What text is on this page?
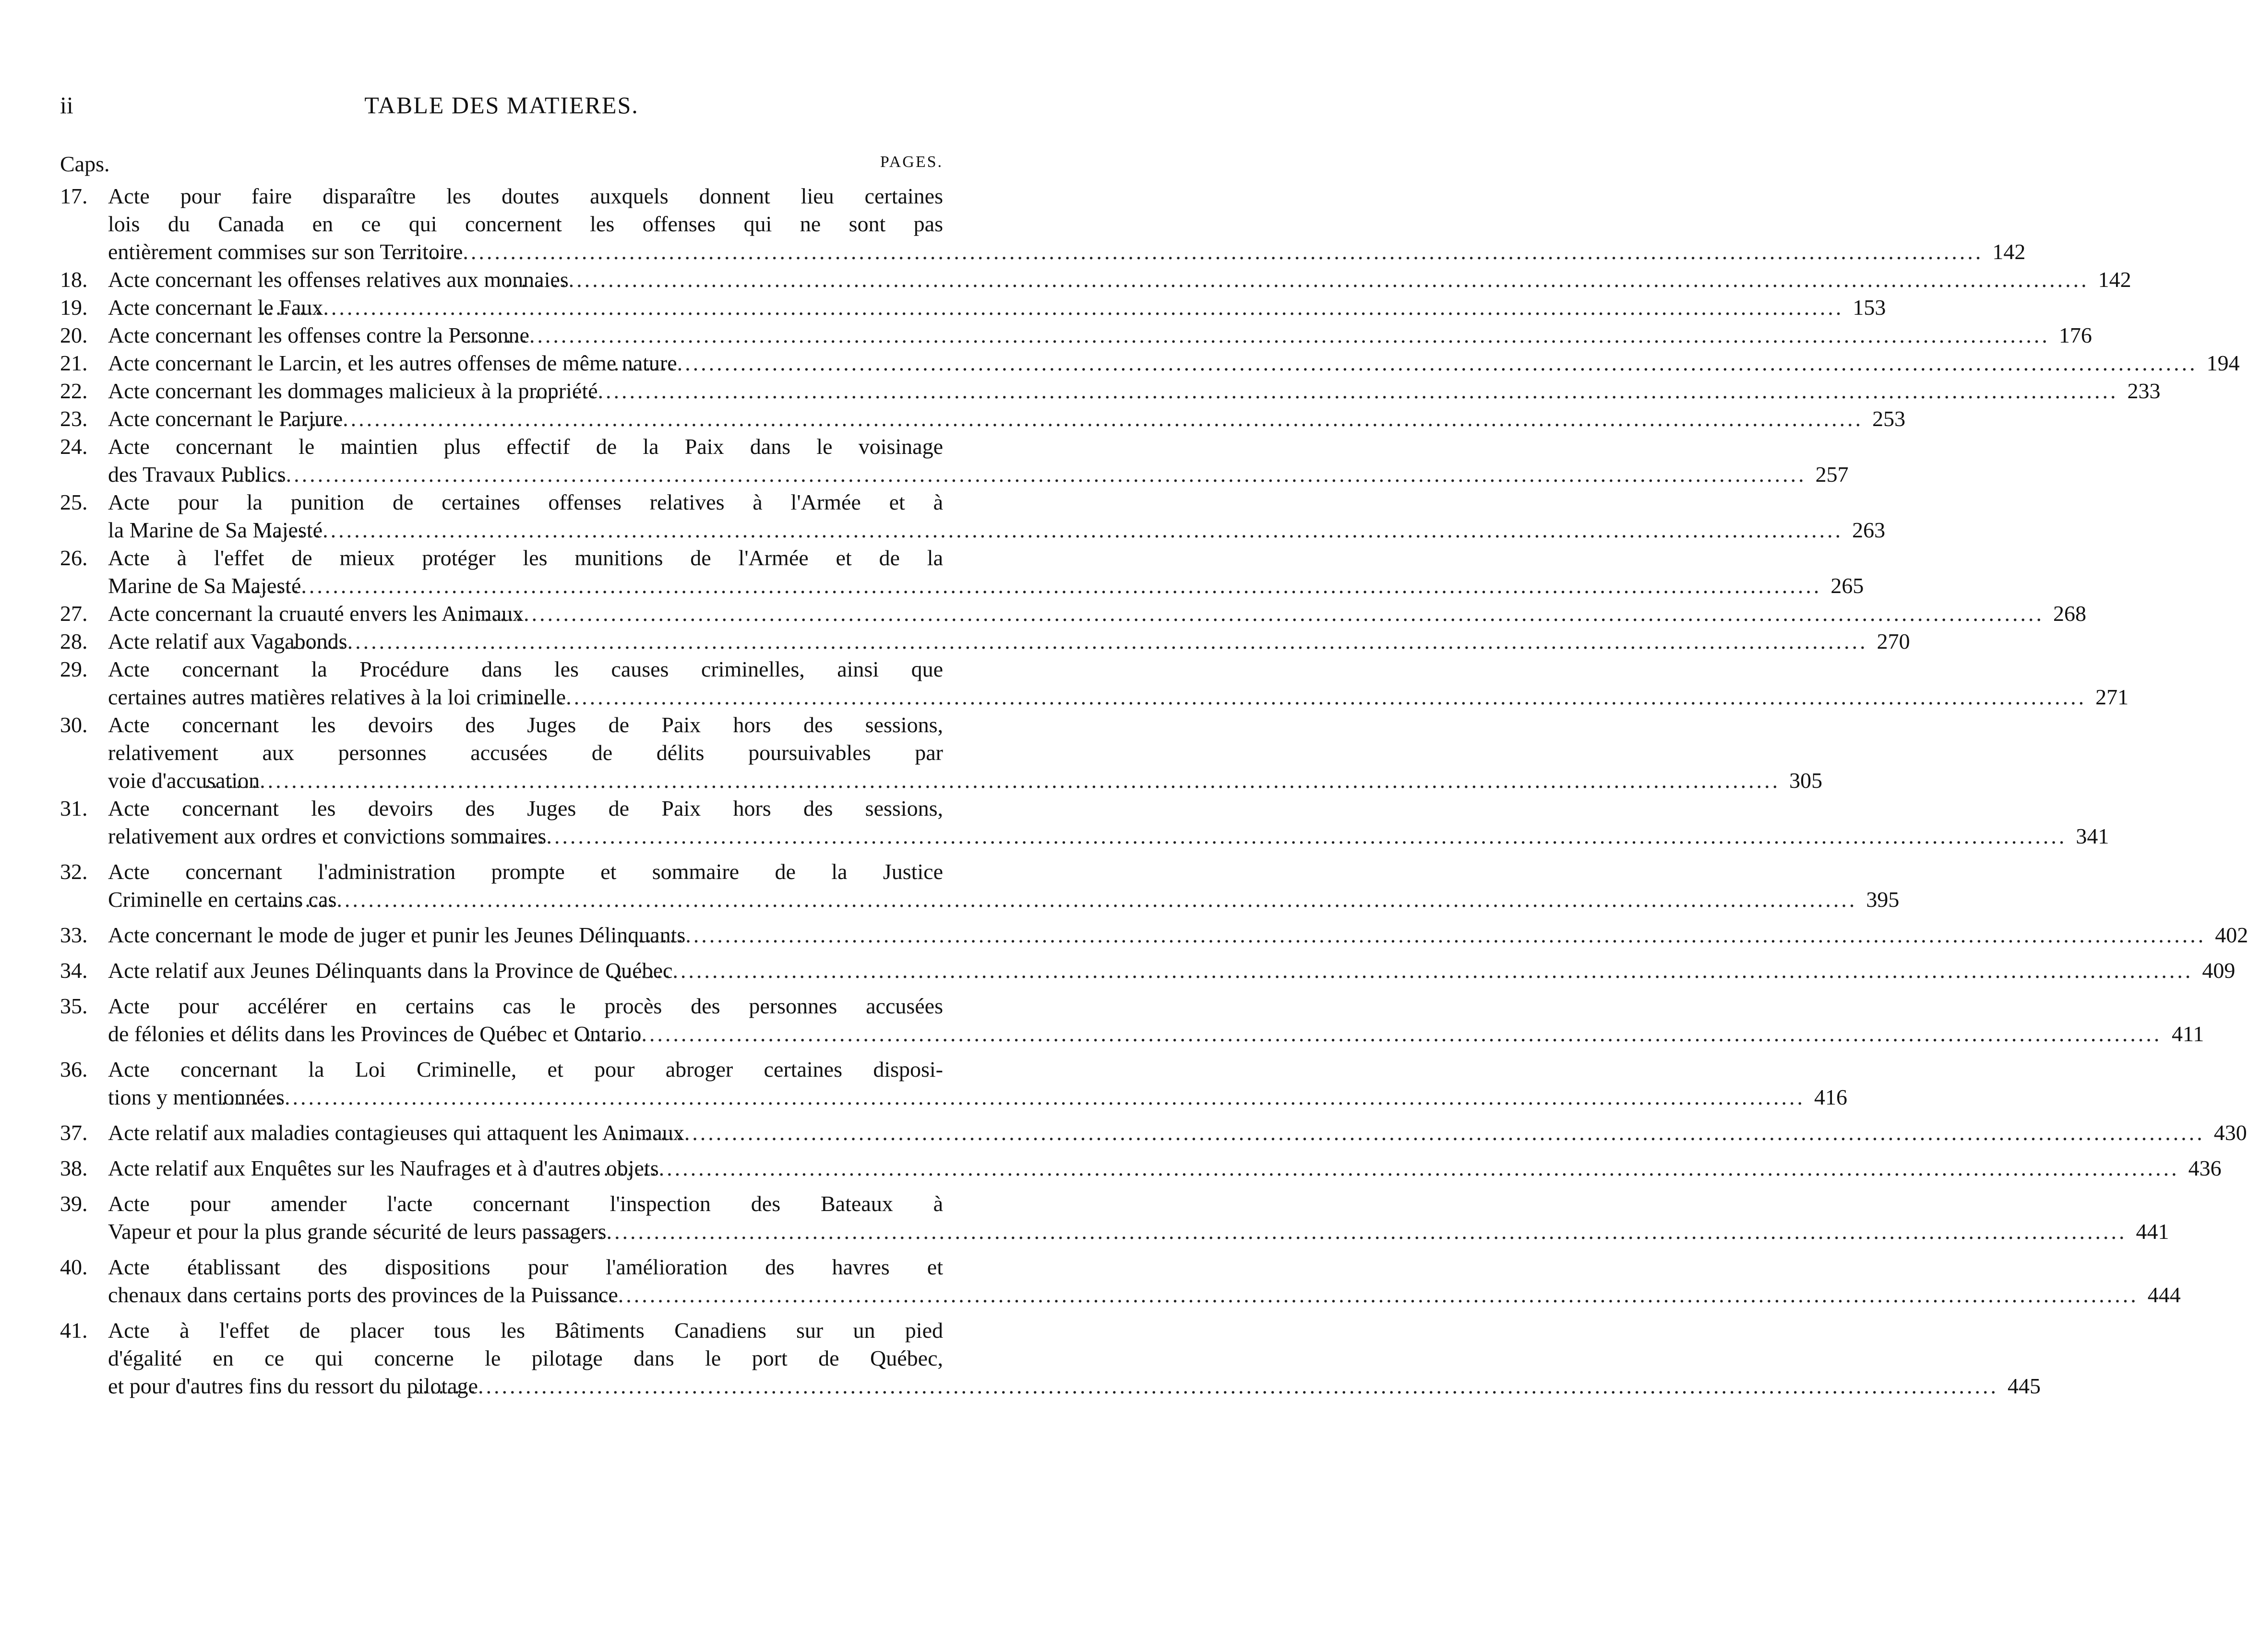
ii	TABLE DES MATIERES.
Caps.	PAGES.
17. Acte pour faire disparaître les doutes auxquels donnent lieu certaines
lois du Canada en ce qui concernent les offenses qui ne sont pas
entièrement commises sur son Territoire .....	142
18. Acte concernant les offenses relatives aux monnaies .....	142
19. Acte concernant le Faux .....	153
20. Acte concernant les offenses contre la Personne .....	176
21. Acte concernant le Larcin, et les autres offenses de même nature .....	194
22. Acte concernant les dommages malicieux à la propriété .....	233
23. Acte concernant le Parjure .....	253
24. Acte concernant le maintien plus effectif de la Paix dans le voisinage
des Travaux Publics .....	257
25. Acte pour la punition de certaines offenses relatives à l'Armée et à
la Marine de Sa Majesté .....	263
26. Acte à l'effet de mieux protéger les munitions de l'Armée et de la
Marine de Sa Majesté .....	265
27. Acte concernant la cruauté envers les Animaux .....	268
28. Acte relatif aux Vagabonds .....	270
29. Acte concernant la Procédure dans les causes criminelles, ainsi que
certaines autres matières relatives à la loi criminelle .....	271
30. Acte concernant les devoirs des Juges de Paix hors des sessions,
relativement aux personnes accusées de délits poursuivables par
voie d'accusation .....	305
31. Acte concernant les devoirs des Juges de Paix hors des sessions,
relativement aux ordres et convictions sommaires .....	341
32. Acte concernant l'administration prompte et sommaire de la Justice
Criminelle en certains cas .....	395
33. Acte concernant le mode de juger et punir les Jeunes Délinquants .....	402
34. Acte relatif aux Jeunes Délinquants dans la Province de Québec .....	409
35. Acte pour accélérer en certains cas le procès des personnes accusées
de félonies et délits dans les Provinces de Québec et Ontario .....	411
36. Acte concernant la Loi Criminelle, et pour abroger certaines disposi-
tions y mentionnées .....	416
37. Acte relatif aux maladies contagieuses qui attaquent les Animaux .....	430
38. Acte relatif aux Enquêtes sur les Naufrages et à d'autres objets .....	436
39. Acte pour amender l'acte concernant l'inspection des Bateaux à
Vapeur et pour la plus grande sécurité de leurs passagers .....	441
40. Acte établissant des dispositions pour l'amélioration des havres et
chenaux dans certains ports des provinces de la Puissance .....	444
41. Acte à l'effet de placer tous les Bâtiments Canadiens sur un pied
d'égalité en ce qui concerne le pilotage dans le port de Québec,
et pour d'autres fins du ressort du pilotage .....	445
